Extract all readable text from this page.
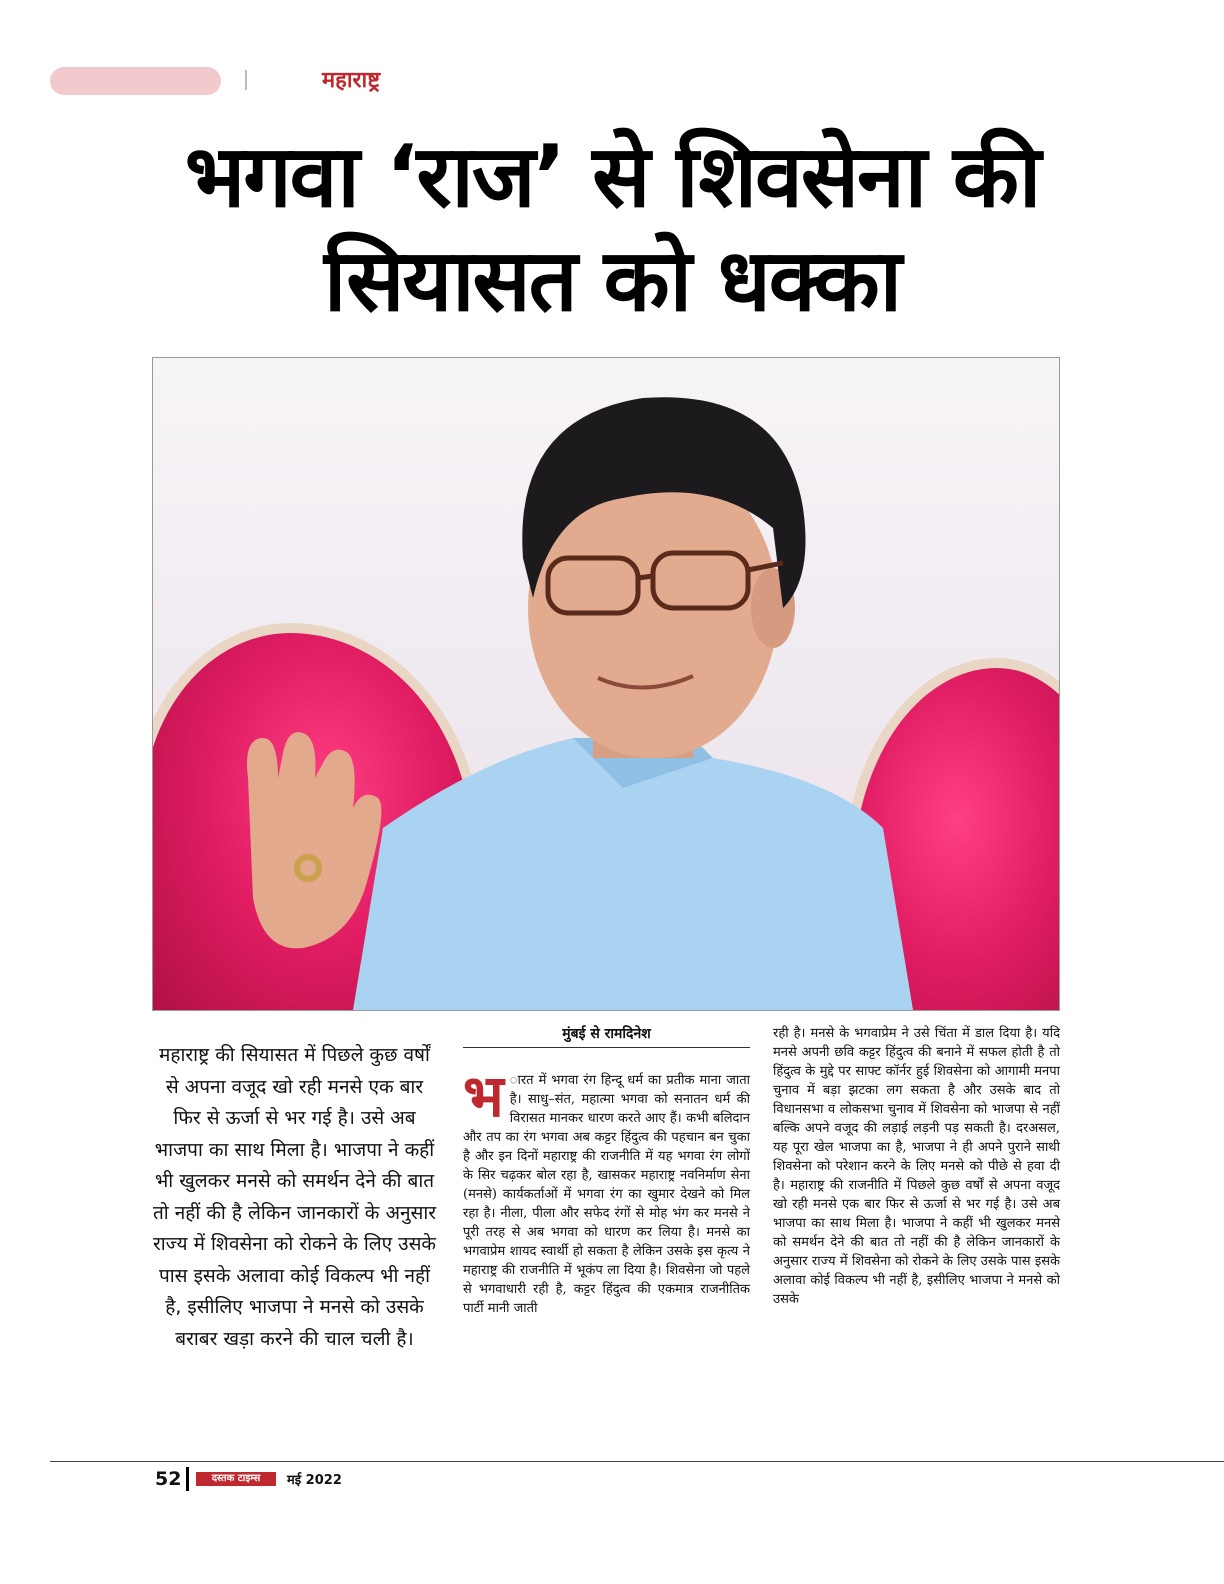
महाराष्ट्र
भगवा ‘राज’ से शिवसेना की
सियासत को धक्का
महाराष्ट्र की सियासत में पिछले कुछ वर्षों से अपना वजूद खो रही मनसे एक बार फिर से ऊर्जा से भर गई है। उसे अब भाजपा का साथ मिला है। भाजपा ने कहीं भी खुलकर मनसे को समर्थन देने की बात तो नहीं की है लेकिन जानकारों के अनुसार राज्य में शिवसेना को रोकने के लिए उसके पास इसके अलावा कोई विकल्प भी नहीं है, इसीलिए भाजपा ने मनसे को उसके बराबर खड़ा करने की चाल चली है।
मुंबई से रामदिनेश
भ ारत में भगवा रंग हिन्दू धर्म का प्रतीक माना जाता है। साधु–संत, महात्मा भगवा को सनातन धर्म की विरासत मानकर धारण करते आए हैं। कभी बलिदान और तप का रंग भगवा अब कट्टर हिंदुत्व की पहचान बन चुका है और इन दिनों महाराष्ट्र की राजनीति में यह भगवा रंग लोगों के सिर चढ़कर बोल रहा है, खासकर महाराष्ट्र नवनिर्माण सेना (मनसे) कार्यकर्ताओं में भगवा रंग का खुमार देखने को मिल रहा है। नीला, पीला और सफेद रंगों से मोह भंग कर मनसे ने पूरी तरह से अब भगवा को धारण कर लिया है। मनसे का भगवाप्रेम शायद स्वार्थी हो सकता है लेकिन उसके इस कृत्य ने महाराष्ट्र की राजनीति में भूकंप ला दिया है। शिवसेना जो पहले से भगवाधारी रही है, कट्टर हिंदुत्व की एकमात्र राजनीतिक पार्टी मानी जाती
रही है। मनसे के भगवाप्रेम ने उसे चिंता में डाल दिया है। यदि मनसे अपनी छवि कट्टर हिंदुत्व की बनाने में सफल होती है तो हिंदुत्व के मुद्दे पर साफ्ट कॉर्नर हुई शिवसेना को आगामी मनपा चुनाव में बड़ा झटका लग सकता है और उसके बाद तो विधानसभा व लोकसभा चुनाव में शिवसेना को भाजपा से नहीं बल्कि अपने वजूद की लड़ाई लड़नी पड़ सकती है। दरअसल, यह पूरा खेल भाजपा का है, भाजपा ने ही अपने पुराने साथी शिवसेना को परेशान करने के लिए मनसे को पीछे से हवा दी है। महाराष्ट्र की राजनीति में पिछले कुछ वर्षों से अपना वजूद खो रही मनसे एक बार फिर से ऊर्जा से भर गई है। उसे अब भाजपा का साथ मिला है। भाजपा ने कहीं भी खुलकर मनसे को समर्थन देने की बात तो नहीं की है लेकिन जानकारों के अनुसार राज्य में शिवसेना को रोकने के लिए उसके पास इसके अलावा कोई विकल्प भी नहीं है, इसीलिए भाजपा ने मनसे को उसके
52	दस्तक टाइम्स	मई 2022
